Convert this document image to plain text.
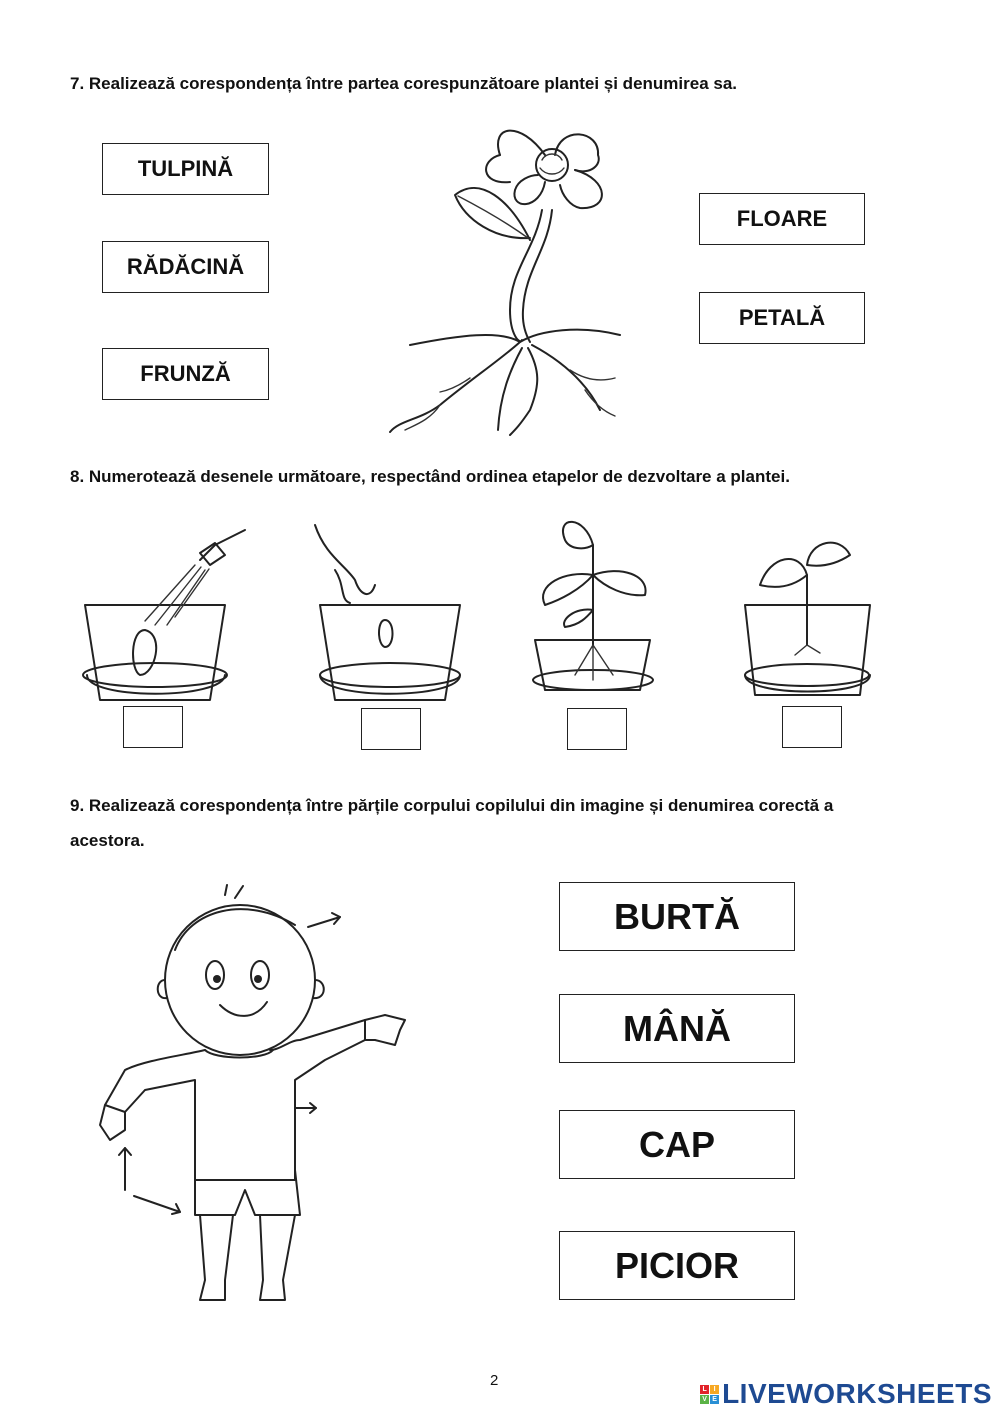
7. Realizează corespondența între partea corespunzătoare plantei și denumirea sa.

TULPINĂ
RĂDĂCINĂ
FRUNZĂ
FLOARE
PETALĂ

8. Numerotează desenele următoare, respectând ordinea etapelor de dezvoltare a plantei.

9. Realizează corespondența între părțile corpului copilului din imagine și denumirea corectă a

acestora.

BURTĂ
MÂNĂ
CAP
PICIOR
2	L I
V E LIVEWORKSHEETS
